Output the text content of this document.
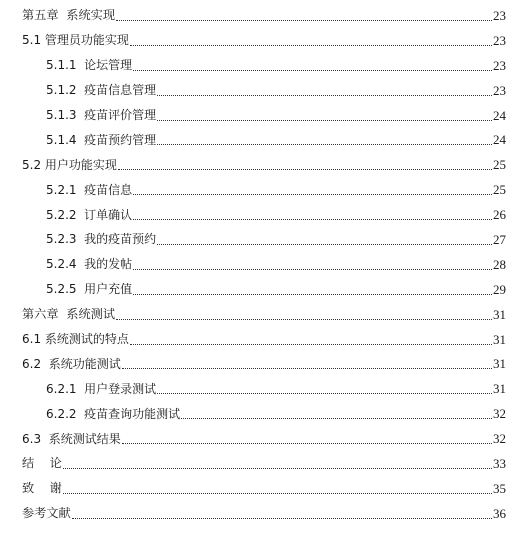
第五章  系统实现	23
5.1 管理员功能实现	23
5.1.1  论坛管理	23
5.1.2  疫苗信息管理	23
5.1.3  疫苗评价管理	24
5.1.4  疫苗预约管理	24
5.2 用户功能实现	25
5.2.1  疫苗信息	25
5.2.2  订单确认	26
5.2.3  我的疫苗预约	27
5.2.4  我的发帖	28
5.2.5  用户充值	29
第六章  系统测试	31
6.1 系统测试的特点	31
6.2  系统功能测试	31
6.2.1  用户登录测试	31
6.2.2  疫苗查询功能测试	32
6.3  系统测试结果	32
结    论	33
致    谢	35
参考文献	36
